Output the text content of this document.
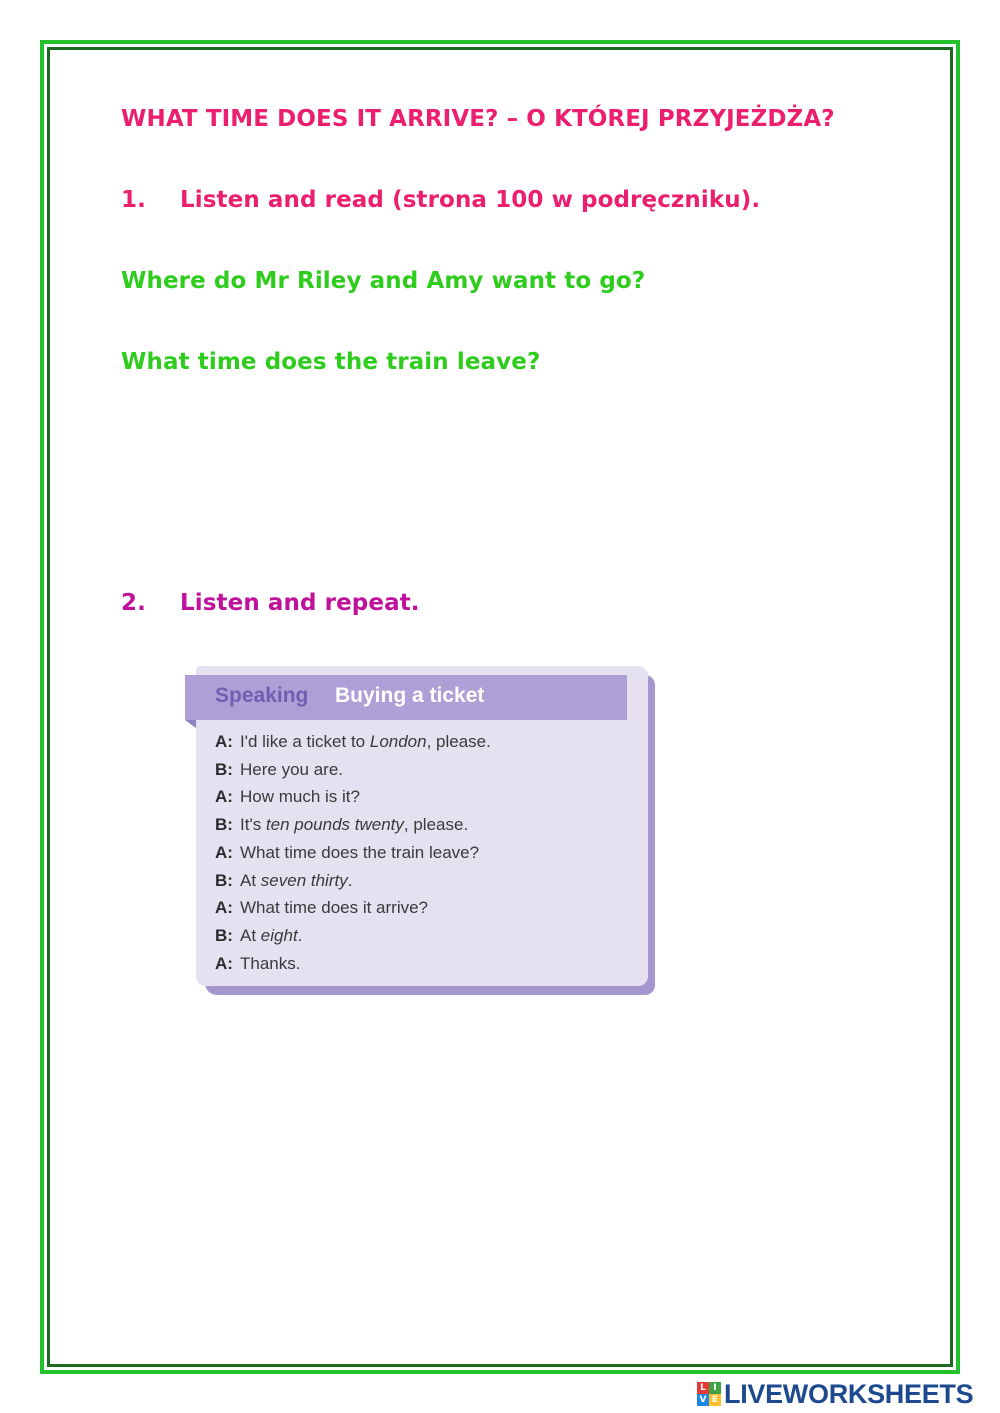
WHAT TIME DOES IT ARRIVE? – O KTÓREJ PRZYJEŻDŻA?
1. Listen and read (strona 100 w podręczniku).
Where do Mr Riley and Amy want to go?
What time does the train leave?
2. Listen and repeat.
Speaking Buying a ticket
A: I'd like a ticket to London, please.
B: Here you are.
A: How much is it?
B: It's ten pounds twenty, please.
A: What time does the train leave?
B: At seven thirty.
A: What time does it arrive?
B: At eight.
A: Thanks.
L I
V E LIVEWORKSHEETS
